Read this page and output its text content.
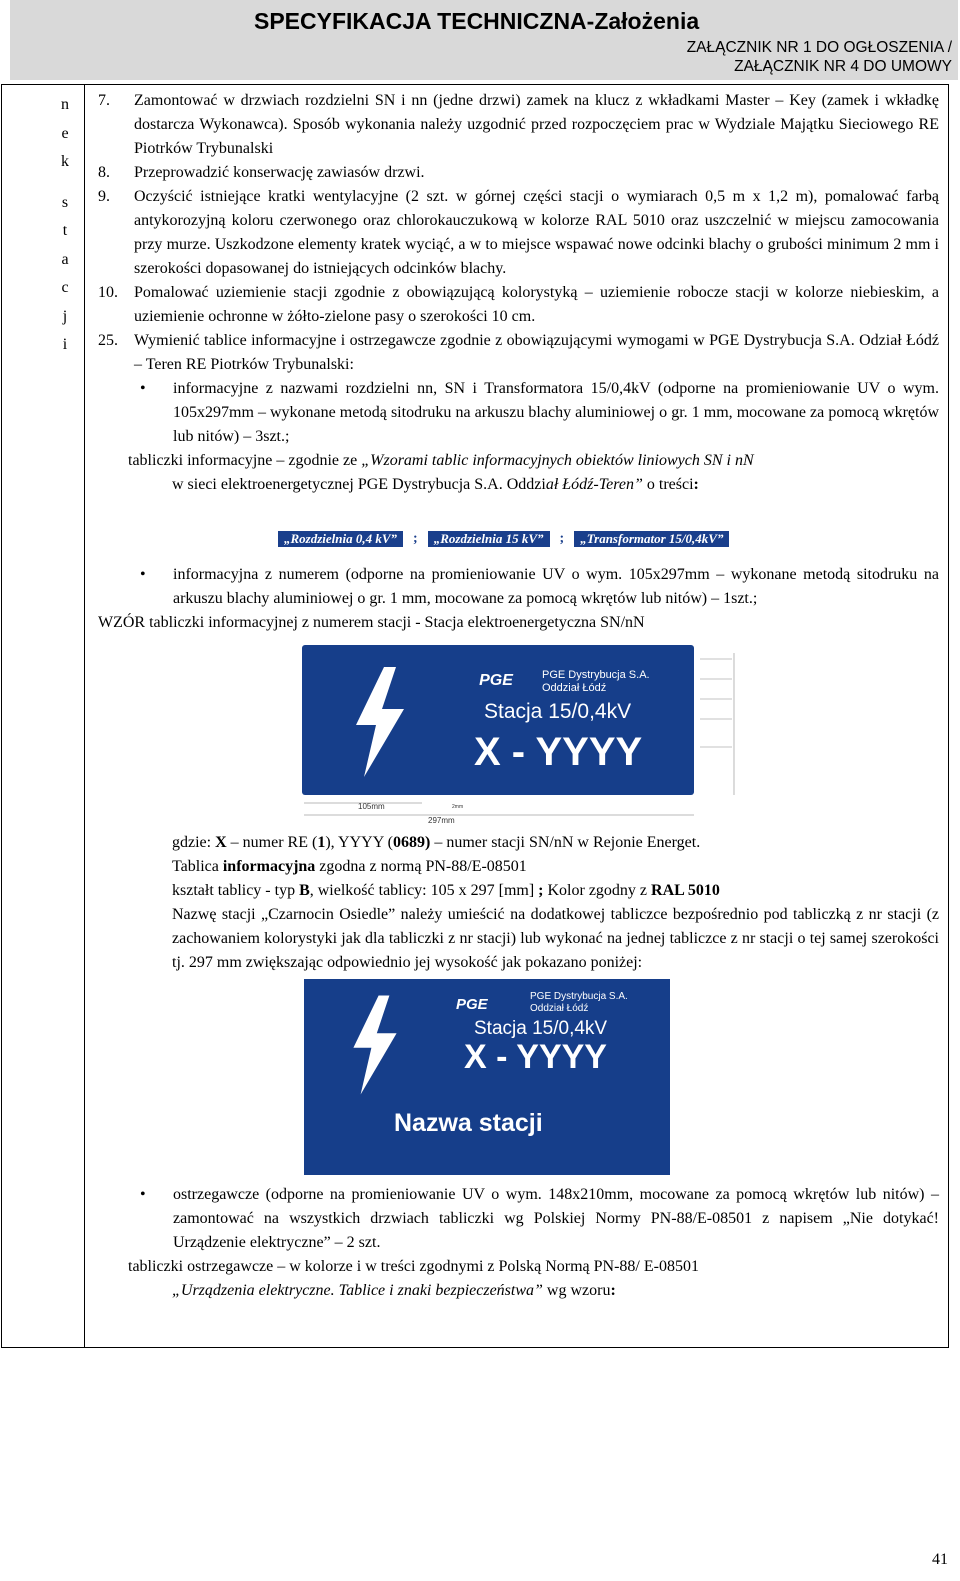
SPECYFIKACJA TECHNICZNA-Założenia
ZAŁĄCZNIK NR 1 DO OGŁOSZENIA /
ZAŁĄCZNIK NR 4 DO UMOWY
n
e
k
s
t
a
c
j
i

7. Zamontować w drzwiach rozdzielni SN i nn (jedne drzwi) zamek na klucz z wkładkami Master – Key (zamek i wkładkę dostarcza Wykonawca). Sposób wykonania należy uzgodnić przed rozpoczęciem prac w Wydziale Majątku Sieciowego RE Piotrków Trybunalski

8. Przeprowadzić konserwację zawiasów drzwi.

9. Oczyścić istniejące kratki wentylacyjne (2 szt. w górnej części stacji o wymiarach 0,5 m x 1,2 m), pomalować farbą antykorozyjną koloru czerwonego oraz chlorokauczukową w kolorze RAL 5010 oraz uszczelnić w miejscu zamocowania przy murze. Uszkodzone elementy kratek wyciąć, a w to miejsce wspawać nowe odcinki blachy o grubości minimum 2 mm i szerokości dopasowanej do istniejących odcinków blachy.

10. Pomalować uziemienie stacji zgodnie z obowiązującą kolorystyką – uziemienie robocze stacji w kolorze niebieskim, a uziemienie ochronne w żółto-zielone pasy o szerokości 10 cm.

25. Wymienić tablice informacyjne i ostrzegawcze zgodnie z obowiązującymi wymogami w PGE Dystrybucja S.A. Odział Łódź – Teren RE Piotrków Trybunalski:

• informacyjne z nazwami rozdzielni nn, SN i Transformatora 15/0,4kV (odporne na promieniowanie UV o wym. 105x297mm – wykonane metodą sitodruku na arkuszu blachy aluminiowej o gr. 1 mm, mocowane za pomocą wkrętów lub nitów) – 3szt.;

tabliczki informacyjne – zgodnie ze „Wzorami tablic informacyjnych obiektów liniowych SN i nN
w sieci elektroenergetycznej PGE Dystrybucja S.A. Oddział Łódź-Teren” o treści:

„Rozdzielnia 0,4 kV”	;	„Rozdzielnia 15 kV”	;	„Transformator 15/0,4kV”

• informacyjna z numerem (odporne na promieniowanie UV o wym. 105x297mm – wykonane metodą sitodruku na arkuszu blachy aluminiowej o gr. 1 mm, mocowane za pomocą wkrętów lub nitów) – 1szt.;

WZÓR tabliczki informacyjnej z numerem stacji - Stacja elektroenergetyczna SN/nN

PGE	PGE Dystrybucja S.A.
Oddział Łódź
Stacja 15/0,4kV
X - YYYY
105mm	2mm
297mm

gdzie: X – numer RE (1), YYYY (0689) – numer stacji SN/nN w Rejonie Energet.

Tablica informacyjna zgodna z normą PN-88/E-08501

kształt tablicy - typ B, wielkość tablicy: 105 x 297 [mm] ; Kolor zgodny z RAL 5010

Nazwę stacji „Czarnocin Osiedle” należy umieścić na dodatkowej tabliczce bezpośrednio pod tabliczką z nr stacji (z zachowaniem kolorystyki jak dla tabliczki z nr stacji) lub wykonać na jednej tabliczce z nr stacji o tej samej szerokości tj. 297 mm zwiększając odpowiednio jej wysokość jak pokazano poniżej:

PGE	PGE Dystrybucja S.A.
Oddział Łódź
Stacja 15/0,4kV
X - YYYY
Nazwa stacji

• ostrzegawcze (odporne na promieniowanie UV o wym. 148x210mm, mocowane za pomocą wkrętów lub nitów) – zamontować na wszystkich drzwiach tabliczki wg Polskiej Normy PN-88/E-08501 z napisem „Nie dotykać! Urządzenie elektryczne” – 2 szt.

tabliczki ostrzegawcze – w kolorze i w treści zgodnymi z Polską Normą PN-88/ E-08501
„Urządzenia elektryczne. Tablice i znaki bezpieczeństwa” wg wzoru:

41
